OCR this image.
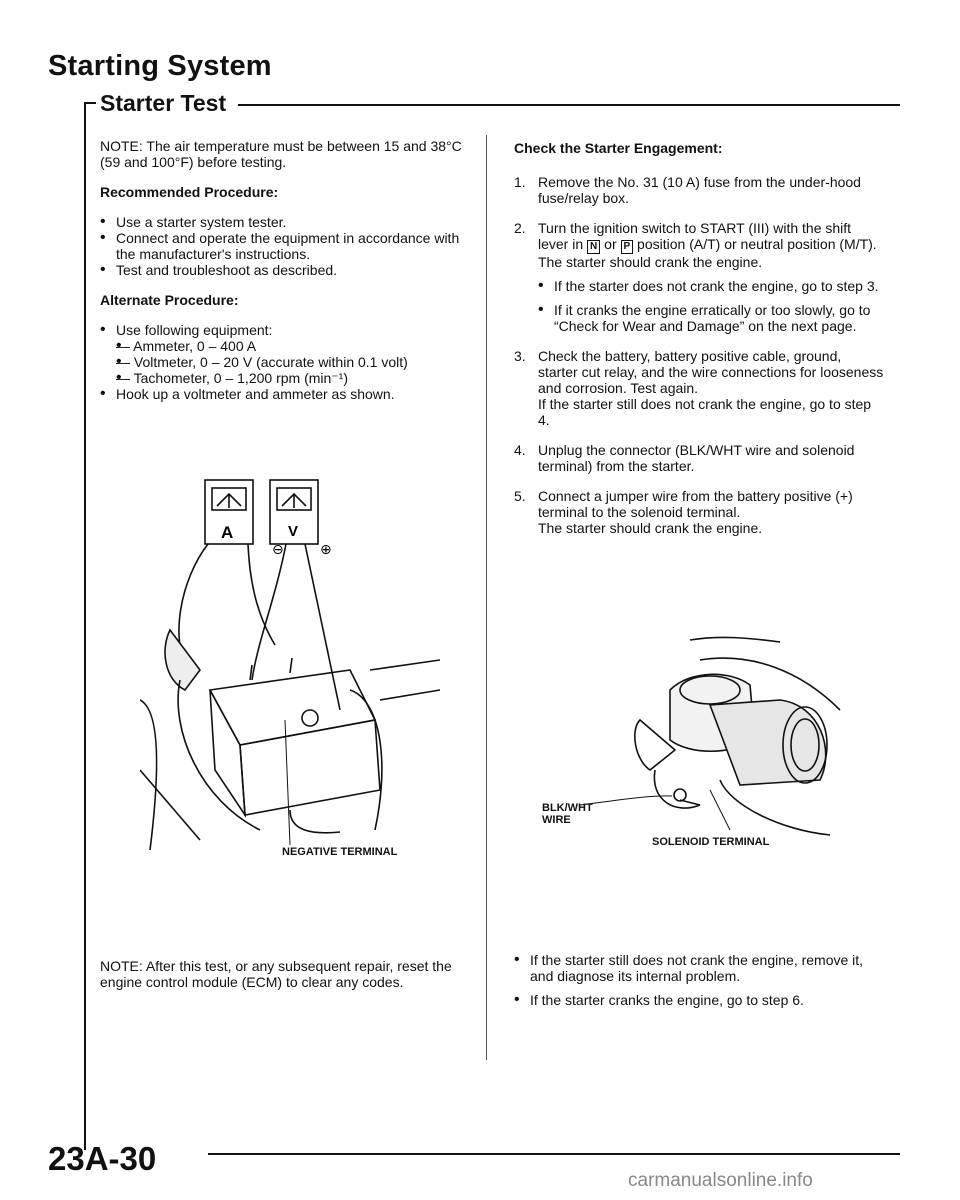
Starting System
Starter Test

NOTE: The air temperature must be between 15 and 38°C (59 and 100°F) before testing.

Recommended Procedure:

• Use a starter system tester.
• Connect and operate the equipment in accordance with the manufacturer's instructions.
• Test and troubleshoot as described.

Alternate Procedure:

• Use following equipment:
• — Ammeter, 0 – 400 A
• — Voltmeter, 0 – 20 V (accurate within 0.1 volt)
• — Tachometer, 0 – 1,200 rpm (min⁻¹)
• Hook up a voltmeter and ammeter as shown.
A	V
⊖	⊕
NEGATIVE TERMINAL
NOTE: After this test, or any subsequent repair, reset the engine control module (ECM) to clear any codes.

Check the Starter Engagement:

1. Remove the No. 31 (10 A) fuse from the under-hood fuse/relay box.
2. Turn the ignition switch to START (III) with the shift lever in N or P position (A/T) or neutral position (M/T). The starter should crank the engine.
• If the starter does not crank the engine, go to step 3.
• If it cranks the engine erratically or too slowly, go to “Check for Wear and Damage” on the next page.
3. Check the battery, battery positive cable, ground, starter cut relay, and the wire connections for looseness and corrosion. Test again.
If the starter still does not crank the engine, go to step 4.
4. Unplug the connector (BLK/WHT wire and solenoid terminal) from the starter.
5. Connect a jumper wire from the battery positive (+) terminal to the solenoid terminal.
The starter should crank the engine.
BLK/WHT
WIRE
SOLENOID TERMINAL
• If the starter still does not crank the engine, remove it, and diagnose its internal problem.
• If the starter cranks the engine, go to step 6.
23A-30
carmanualsonline.info
